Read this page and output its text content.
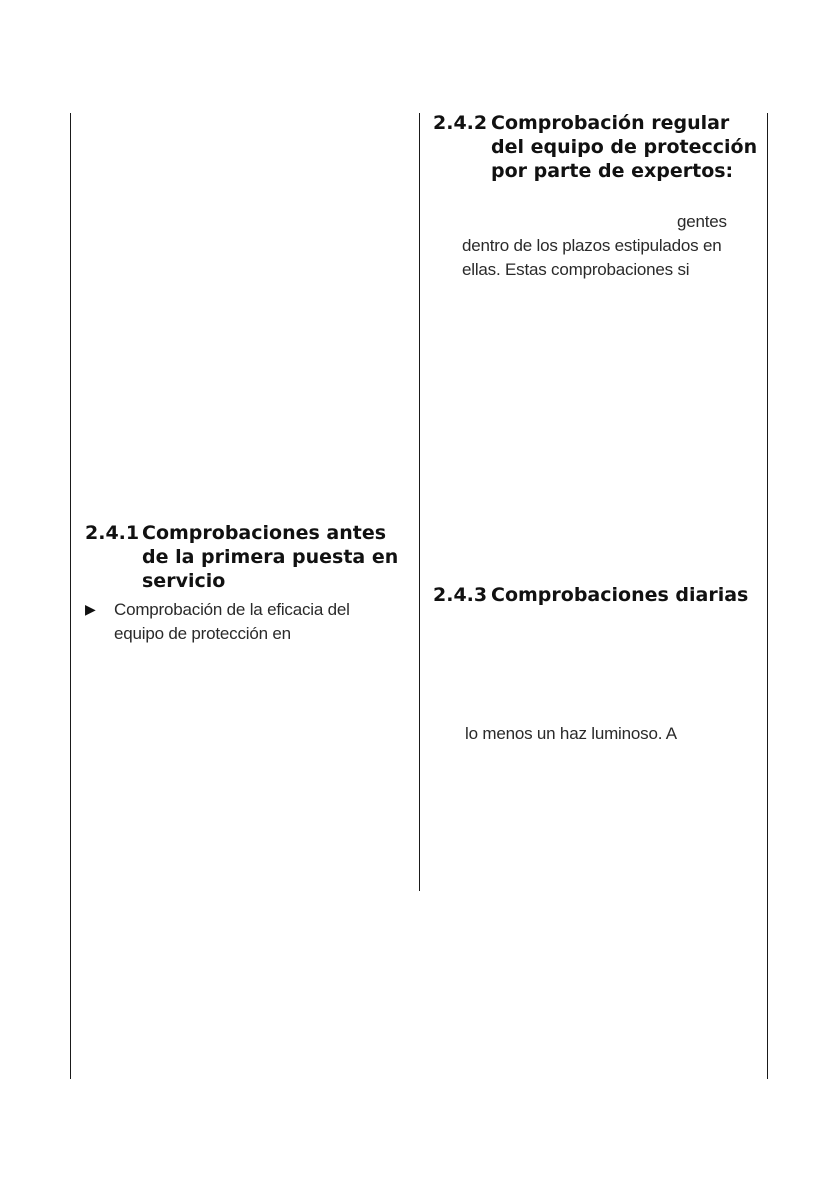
2.4.2 Comprobación regular del equipo de protección por parte de expertos:

gentes

dentro de los plazos estipulados en

ellas. Estas comprobaciones si

2.4.1 Comprobaciones antes de la primera puesta en servicio
▶ Comprobación de la eficacia del

equipo de protección en

2.4.3 Comprobaciones diarias

lo menos un haz luminoso. A
